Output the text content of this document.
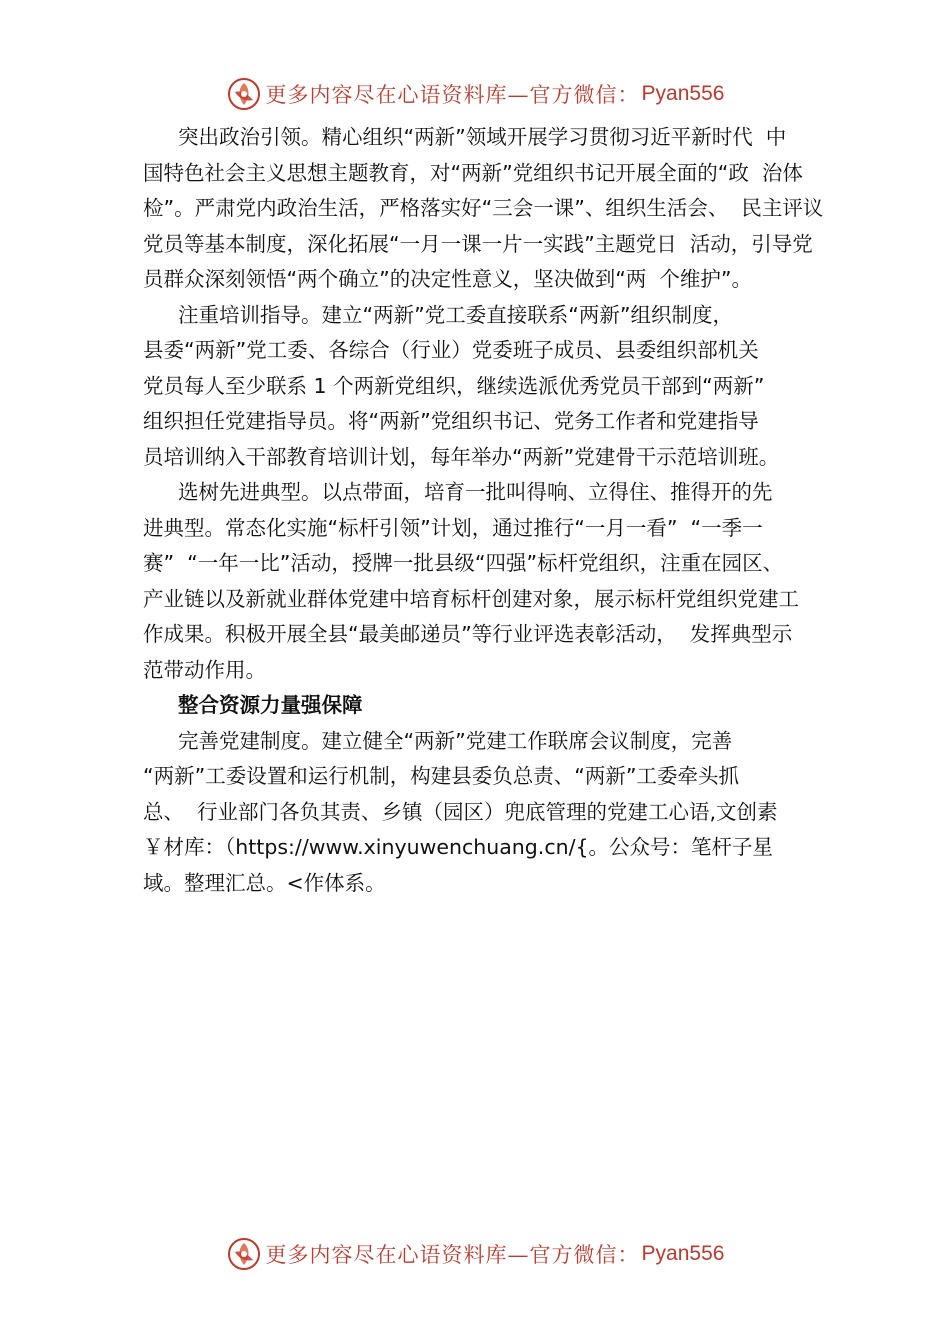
更多内容尽在心语资料库—官方微信： Pyan556
突出政治引领。精心组织“两新”领域开展学习贯彻习近平新时代  中
国特色社会主义思想主题教育，对“两新”党组织书记开展全面的“政  治体
检”。严肃党内政治生活，严格落实好“三会一课”、组织生活会、  民主评议
党员等基本制度，深化拓展“一月一课一片一实践”主题党日  活动，引导党
员群众深刻领悟“两个确立”的决定性意义，坚决做到“两  个维护”。
注重培训指导。建立“两新”党工委直接联系“两新”组织制度，
县委“两新”党工委、各综合（行业）党委班子成员、县委组织部机关
党员每人至少联系 1 个两新党组织，继续选派优秀党员干部到“两新”
组织担任党建指导员。将“两新”党组织书记、党务工作者和党建指导
员培训纳入干部教育培训计划，每年举办“两新”党建骨干示范培训班。
选树先进典型。以点带面，培育一批叫得响、立得住、推得开的先
进典型。常态化实施“标杆引领”计划，通过推行“一月一看”  “一季一
赛”  “一年一比”活动，授牌一批县级“四强”标杆党组织，注重在园区、
产业链以及新就业群体党建中培育标杆创建对象，展示标杆党组织党建工
作成果。积极开展全县“最美邮递员”等行业评选表彰活动，  发挥典型示
范带动作用。
整合资源力量强保障
完善党建制度。建立健全“两新”党建工作联席会议制度，完善
“两新”工委设置和运行机制，构建县委负总责、“两新”工委牵头抓
总、  行业部门各负其责、乡镇（园区）兜底管理的党建工心语,文创素
￥材库：（https://www.xinyuwenchuang.cn/{。公众号：笔杆子星
域。整理汇总。<作体系。
更多内容尽在心语资料库—官方微信： Pyan556
